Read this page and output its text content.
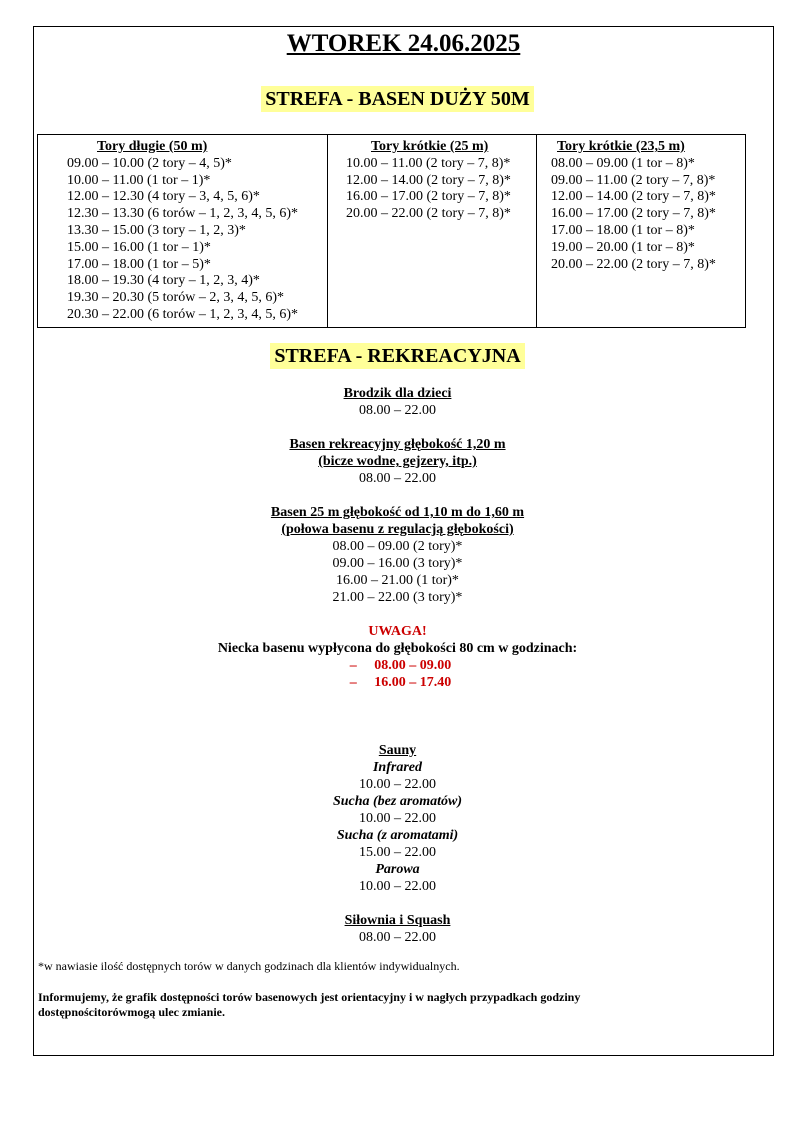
WTOREK 24.06.2025
STREFA - BASEN DUŻY 50M
Tory długie (50 m)
09.00 – 10.00 (2 tory – 4, 5)*
10.00 – 11.00 (1 tor – 1)*
12.00 – 12.30 (4 tory – 3, 4, 5, 6)*
12.30 – 13.30 (6 torów – 1, 2, 3, 4, 5, 6)*
13.30 – 15.00 (3 tory – 1, 2, 3)*
15.00 – 16.00 (1 tor – 1)*
17.00 – 18.00 (1 tor – 5)*
18.00 – 19.30 (4 tory – 1, 2, 3, 4)*
19.30 – 20.30 (5 torów – 2, 3, 4, 5, 6)*
20.30 – 22.00 (6 torów – 1, 2, 3, 4, 5, 6)*
Tory krótkie (25 m)
10.00 – 11.00 (2 tory – 7, 8)*
12.00 – 14.00 (2 tory – 7, 8)*
16.00 – 17.00 (2 tory – 7, 8)*
20.00 – 22.00 (2 tory – 7, 8)*
Tory krótkie (23,5 m)
08.00 – 09.00 (1 tor – 8)*
09.00 – 11.00 (2 tory – 7, 8)*
12.00 – 14.00 (2 tory – 7, 8)*
16.00 – 17.00 (2 tory – 7, 8)*
17.00 – 18.00 (1 tor – 8)*
19.00 – 20.00 (1 tor – 8)*
20.00 – 22.00 (2 tory – 7, 8)*
STREFA - REKREACYJNA
Brodzik dla dzieci
08.00 – 22.00
Basen rekreacyjny głębokość 1,20 m
(bicze wodne, gejzery, itp.)
08.00 – 22.00
Basen 25 m głębokość od 1,10 m do 1,60 m
(połowa basenu z regulacją głębokości)
08.00 – 09.00 (2 tory)*
09.00 – 16.00 (3 tory)*
16.00 – 21.00 (1 tor)*
21.00 – 22.00 (3 tory)*
UWAGA!
Niecka basenu wypłycona do głębokości 80 cm w godzinach:
– 08.00 – 09.00
– 16.00 – 17.40
Sauny
Infrared
10.00 – 22.00
Sucha (bez aromatów)
10.00 – 22.00
Sucha (z aromatami)
15.00 – 22.00
Parowa
10.00 – 22.00
Siłownia i Squash
08.00 – 22.00
*w nawiasie ilość dostępnych torów w danych godzinach dla klientów indywidualnych.
Informujemy, że grafik dostępności torów basenowych jest orientacyjny i w nagłych przypadkach godziny
dostępnościtorówmogą ulec zmianie.
